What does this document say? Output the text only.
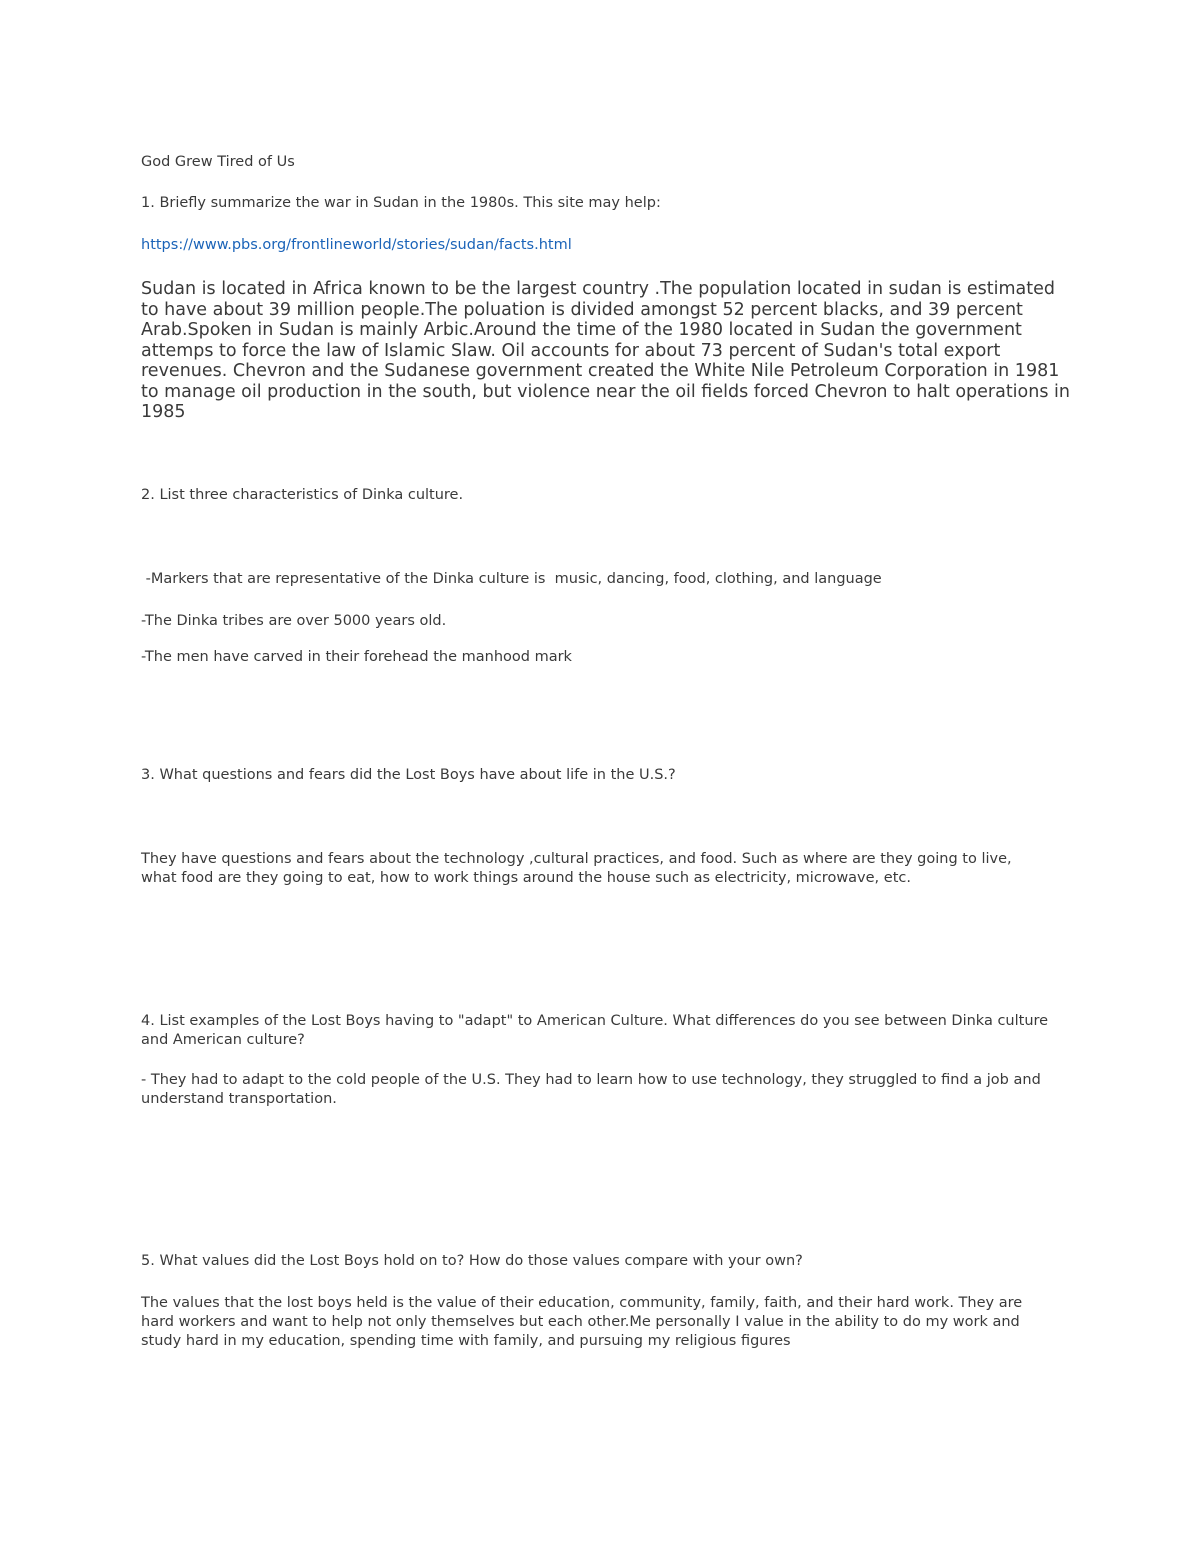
God Grew Tired of Us

1. Briefly summarize the war in Sudan in the 1980s. This site may help:

https://www.pbs.org/frontlineworld/stories/sudan/facts.html

Sudan is located in Africa known to be the largest country .The population located in sudan is estimated to have about 39 million people.The poluation is divided amongst 52 percent blacks, and 39 percent Arab.Spoken in Sudan is mainly Arbic.Around the time of the 1980 located in Sudan the government attemps to force the law of Islamic Slaw. Oil accounts for about 73 percent of Sudan's total export revenues. Chevron and the Sudanese government created the White Nile Petroleum Corporation in 1981 to manage oil production in the south, but violence near the oil fields forced Chevron to halt operations in 1985

2. List three characteristics of Dinka culture.

-Markers that are representative of the Dinka culture is  music, dancing, food, clothing, and language

-The Dinka tribes are over 5000 years old.

-The men have carved in their forehead the manhood mark

3. What questions and fears did the Lost Boys have about life in the U.S.?

They have questions and fears about the technology ,cultural practices, and food. Such as where are they going to live, what food are they going to eat, how to work things around the house such as electricity, microwave, etc.

4. List examples of the Lost Boys having to "adapt" to American Culture. What differences do you see between Dinka culture and American culture?

- They had to adapt to the cold people of the U.S. They had to learn how to use technology, they struggled to find a job and understand transportation.

5. What values did the Lost Boys hold on to? How do those values compare with your own?

The values that the lost boys held is the value of their education, community, family, faith, and their hard work. They are hard workers and want to help not only themselves but each other.Me personally I value in the ability to do my work and study hard in my education, spending time with family, and pursuing my religious figures
